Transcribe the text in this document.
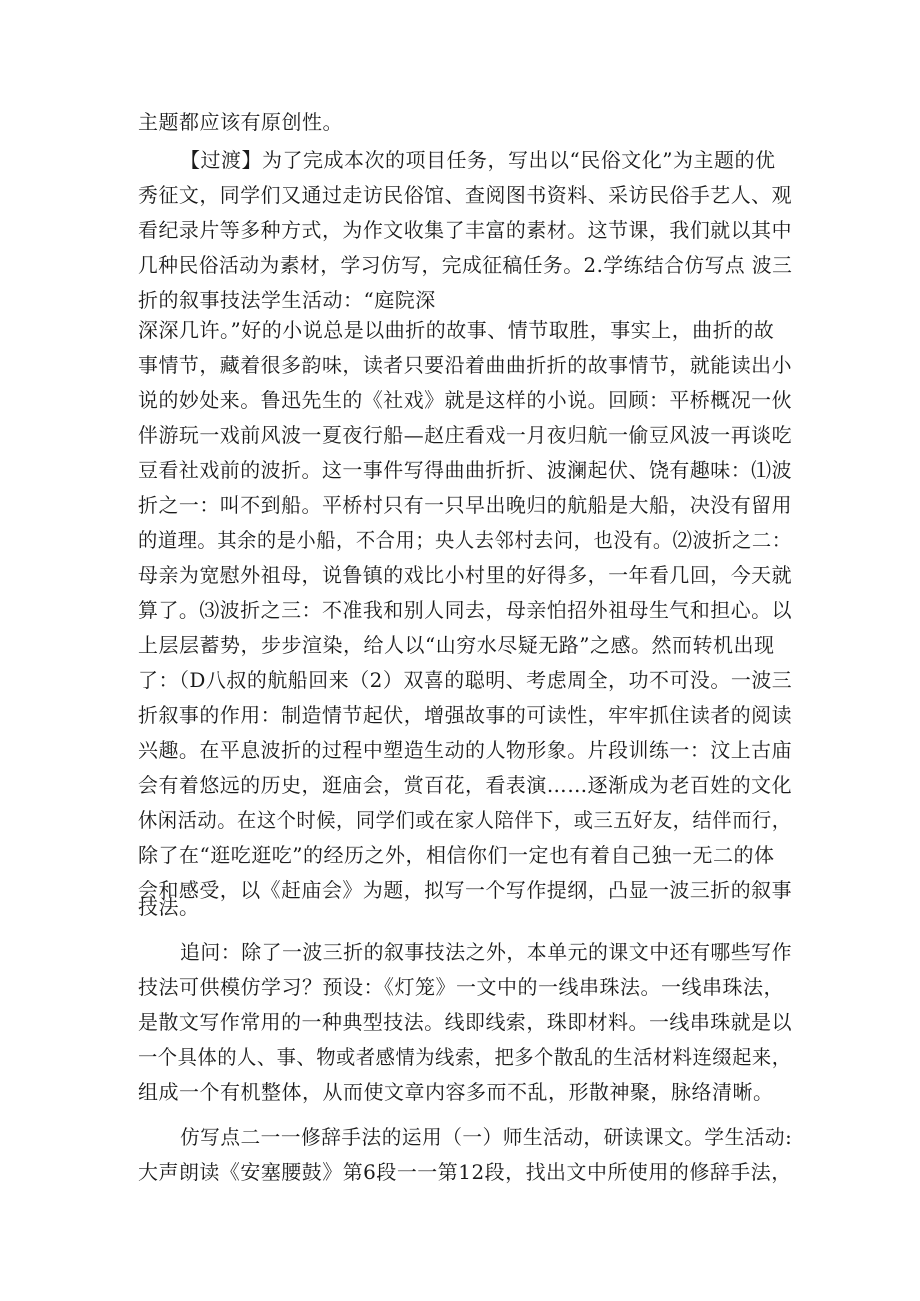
主题都应该有原创性。

【过渡】为了完成本次的项目任务，写出以“民俗文化”为主题的优

秀征文，同学们又通过走访民俗馆、查阅图书资料、采访民俗手艺人、观

看纪录片等多种方式，为作文收集了丰富的素材。这节课，我们就以其中

几种民俗活动为素材，学习仿写，完成征稿任务。2.学练结合仿写点 波三

折的叙事技法学生活动：“庭院深

深深几许。”好的小说总是以曲折的故事、情节取胜，事实上，曲折的故

事情节，藏着很多韵味，读者只要沿着曲曲折折的故事情节，就能读出小

说的妙处来。鲁迅先生的《社戏》就是这样的小说。回顾：平桥概况一伙

伴游玩一戏前风波一夏夜行船—赵庄看戏一月夜归航一偷豆风波一再谈吃

豆看社戏前的波折。这一事件写得曲曲折折、波澜起伏、饶有趣味：⑴波

折之一：叫不到船。平桥村只有一只早出晚归的航船是大船，决没有留用

的道理。其余的是小船，不合用；央人去邻村去问，也没有。⑵波折之二：

母亲为宽慰外祖母，说鲁镇的戏比小村里的好得多，一年看几回，今天就

算了。⑶波折之三：不准我和别人同去，母亲怕招外祖母生气和担心。以

上层层蓄势，步步渲染，给人以“山穷水尽疑无路”之感。然而转机出现

了：（D八叔的航船回来（2）双喜的聪明、考虑周全，功不可没。一波三

折叙事的作用：制造情节起伏，增强故事的可读性，牢牢抓住读者的阅读

兴趣。在平息波折的过程中塑造生动的人物形象。片段训练一：汶上古庙

会有着悠远的历史，逛庙会，赏百花，看表演……逐渐成为老百姓的文化

休闲活动。在这个时候，同学们或在家人陪伴下，或三五好友，结伴而行，

除了在“逛吃逛吃”的经历之外，相信你们一定也有着自己独一无二的体

会和感受，以《赶庙会》为题，拟写一个写作提纲，凸显一波三折的叙事

技法。

追问：除了一波三折的叙事技法之外，本单元的课文中还有哪些写作

技法可供模仿学习？预设：《灯笼》一文中的一线串珠法。一线串珠法，

是散文写作常用的一种典型技法。线即线索，珠即材料。一线串珠就是以

一个具体的人、事、物或者感情为线索，把多个散乱的生活材料连缀起来，

组成一个有机整体，从而使文章内容多而不乱，形散神聚，脉络清晰。

仿写点二一一修辞手法的运用（一）师生活动，研读课文。学生活动:

大声朗读《安塞腰鼓》第6段一一第12段，找出文中所使用的修辞手法，
